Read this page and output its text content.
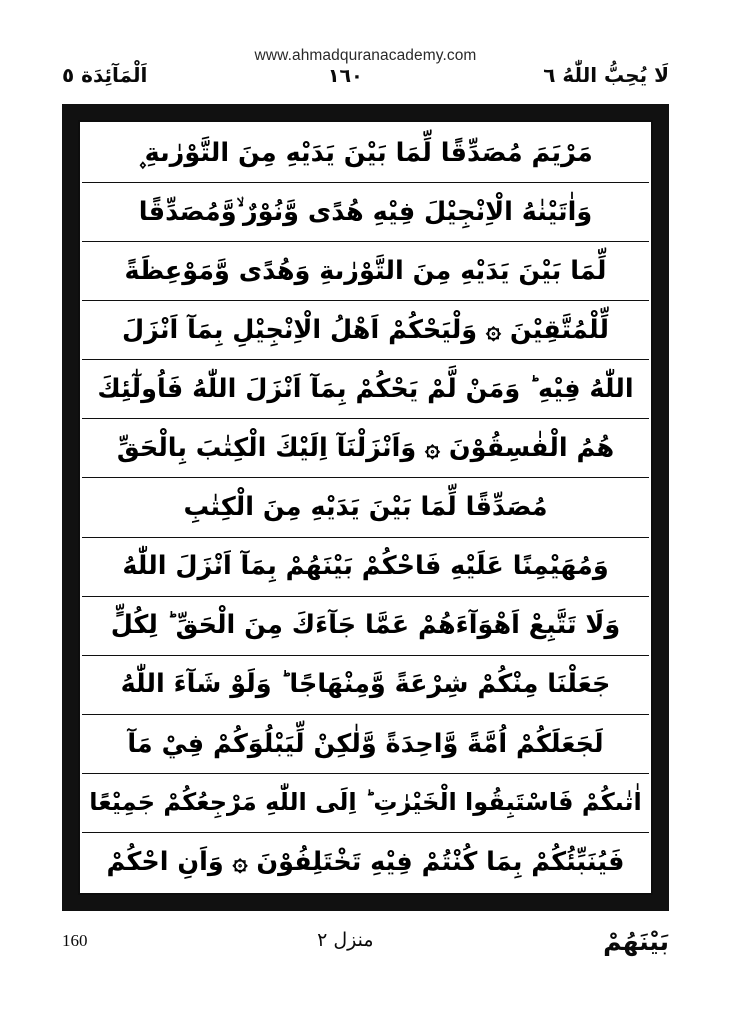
www.ahmadquranacademy.com
لَا يُحِبُّ اللّٰهُ ٦
١٦٠
اَلْمَآئِدَة ٥
مَرْيَمَ مُصَدِّقًا لِّمَا بَيْنَ يَدَيْهِ مِنَ التَّوْرٰىةِ ۪
وَاٰتَيْنٰهُ الْاِنْجِيْلَ فِيْهِ هُدًى وَّنُوْرٌ ۙوَّمُصَدِّقًا
لِّمَا بَيْنَ يَدَيْهِ مِنَ التَّوْرٰىةِ وَهُدًى وَّمَوْعِظَةً
لِّلْمُتَّقِيْنَ ۞ وَلْيَحْكُمْ اَهْلُ الْاِنْجِيْلِ بِمَآ اَنْزَلَ
اللّٰهُ فِيْهِ ؕ وَمَنْ لَّمْ يَحْكُمْ بِمَآ اَنْزَلَ اللّٰهُ فَاُولٰٓئِكَ
هُمُ الْفٰسِقُوْنَ ۞ وَاَنْزَلْنَآ اِلَيْكَ الْكِتٰبَ بِالْحَقِّ
مُصَدِّقًا لِّمَا بَيْنَ يَدَيْهِ مِنَ الْكِتٰبِ
وَمُهَيْمِنًا عَلَيْهِ فَاحْكُمْ بَيْنَهُمْ بِمَآ اَنْزَلَ اللّٰهُ
وَلَا تَتَّبِعْ اَهْوَآءَهُمْ عَمَّا جَآءَكَ مِنَ الْحَقِّ ؕ لِكُلٍّ
جَعَلْنَا مِنْكُمْ شِرْعَةً وَّمِنْهَاجًا ؕ وَلَوْ شَآءَ اللّٰهُ
لَجَعَلَكُمْ اُمَّةً وَّاحِدَةً وَّلٰكِنْ لِّيَبْلُوَكُمْ فِيْ مَآ
اٰتٰىكُمْ فَاسْتَبِقُوا الْخَيْرٰتِ ؕ اِلَى اللّٰهِ مَرْجِعُكُمْ جَمِيْعًا
فَيُنَبِّئُكُمْ بِمَا كُنْتُمْ فِيْهِ تَخْتَلِفُوْنَ ۞ وَاَنِ احْكُمْ
بَيْنَهُمْ
منزل ٢
160
